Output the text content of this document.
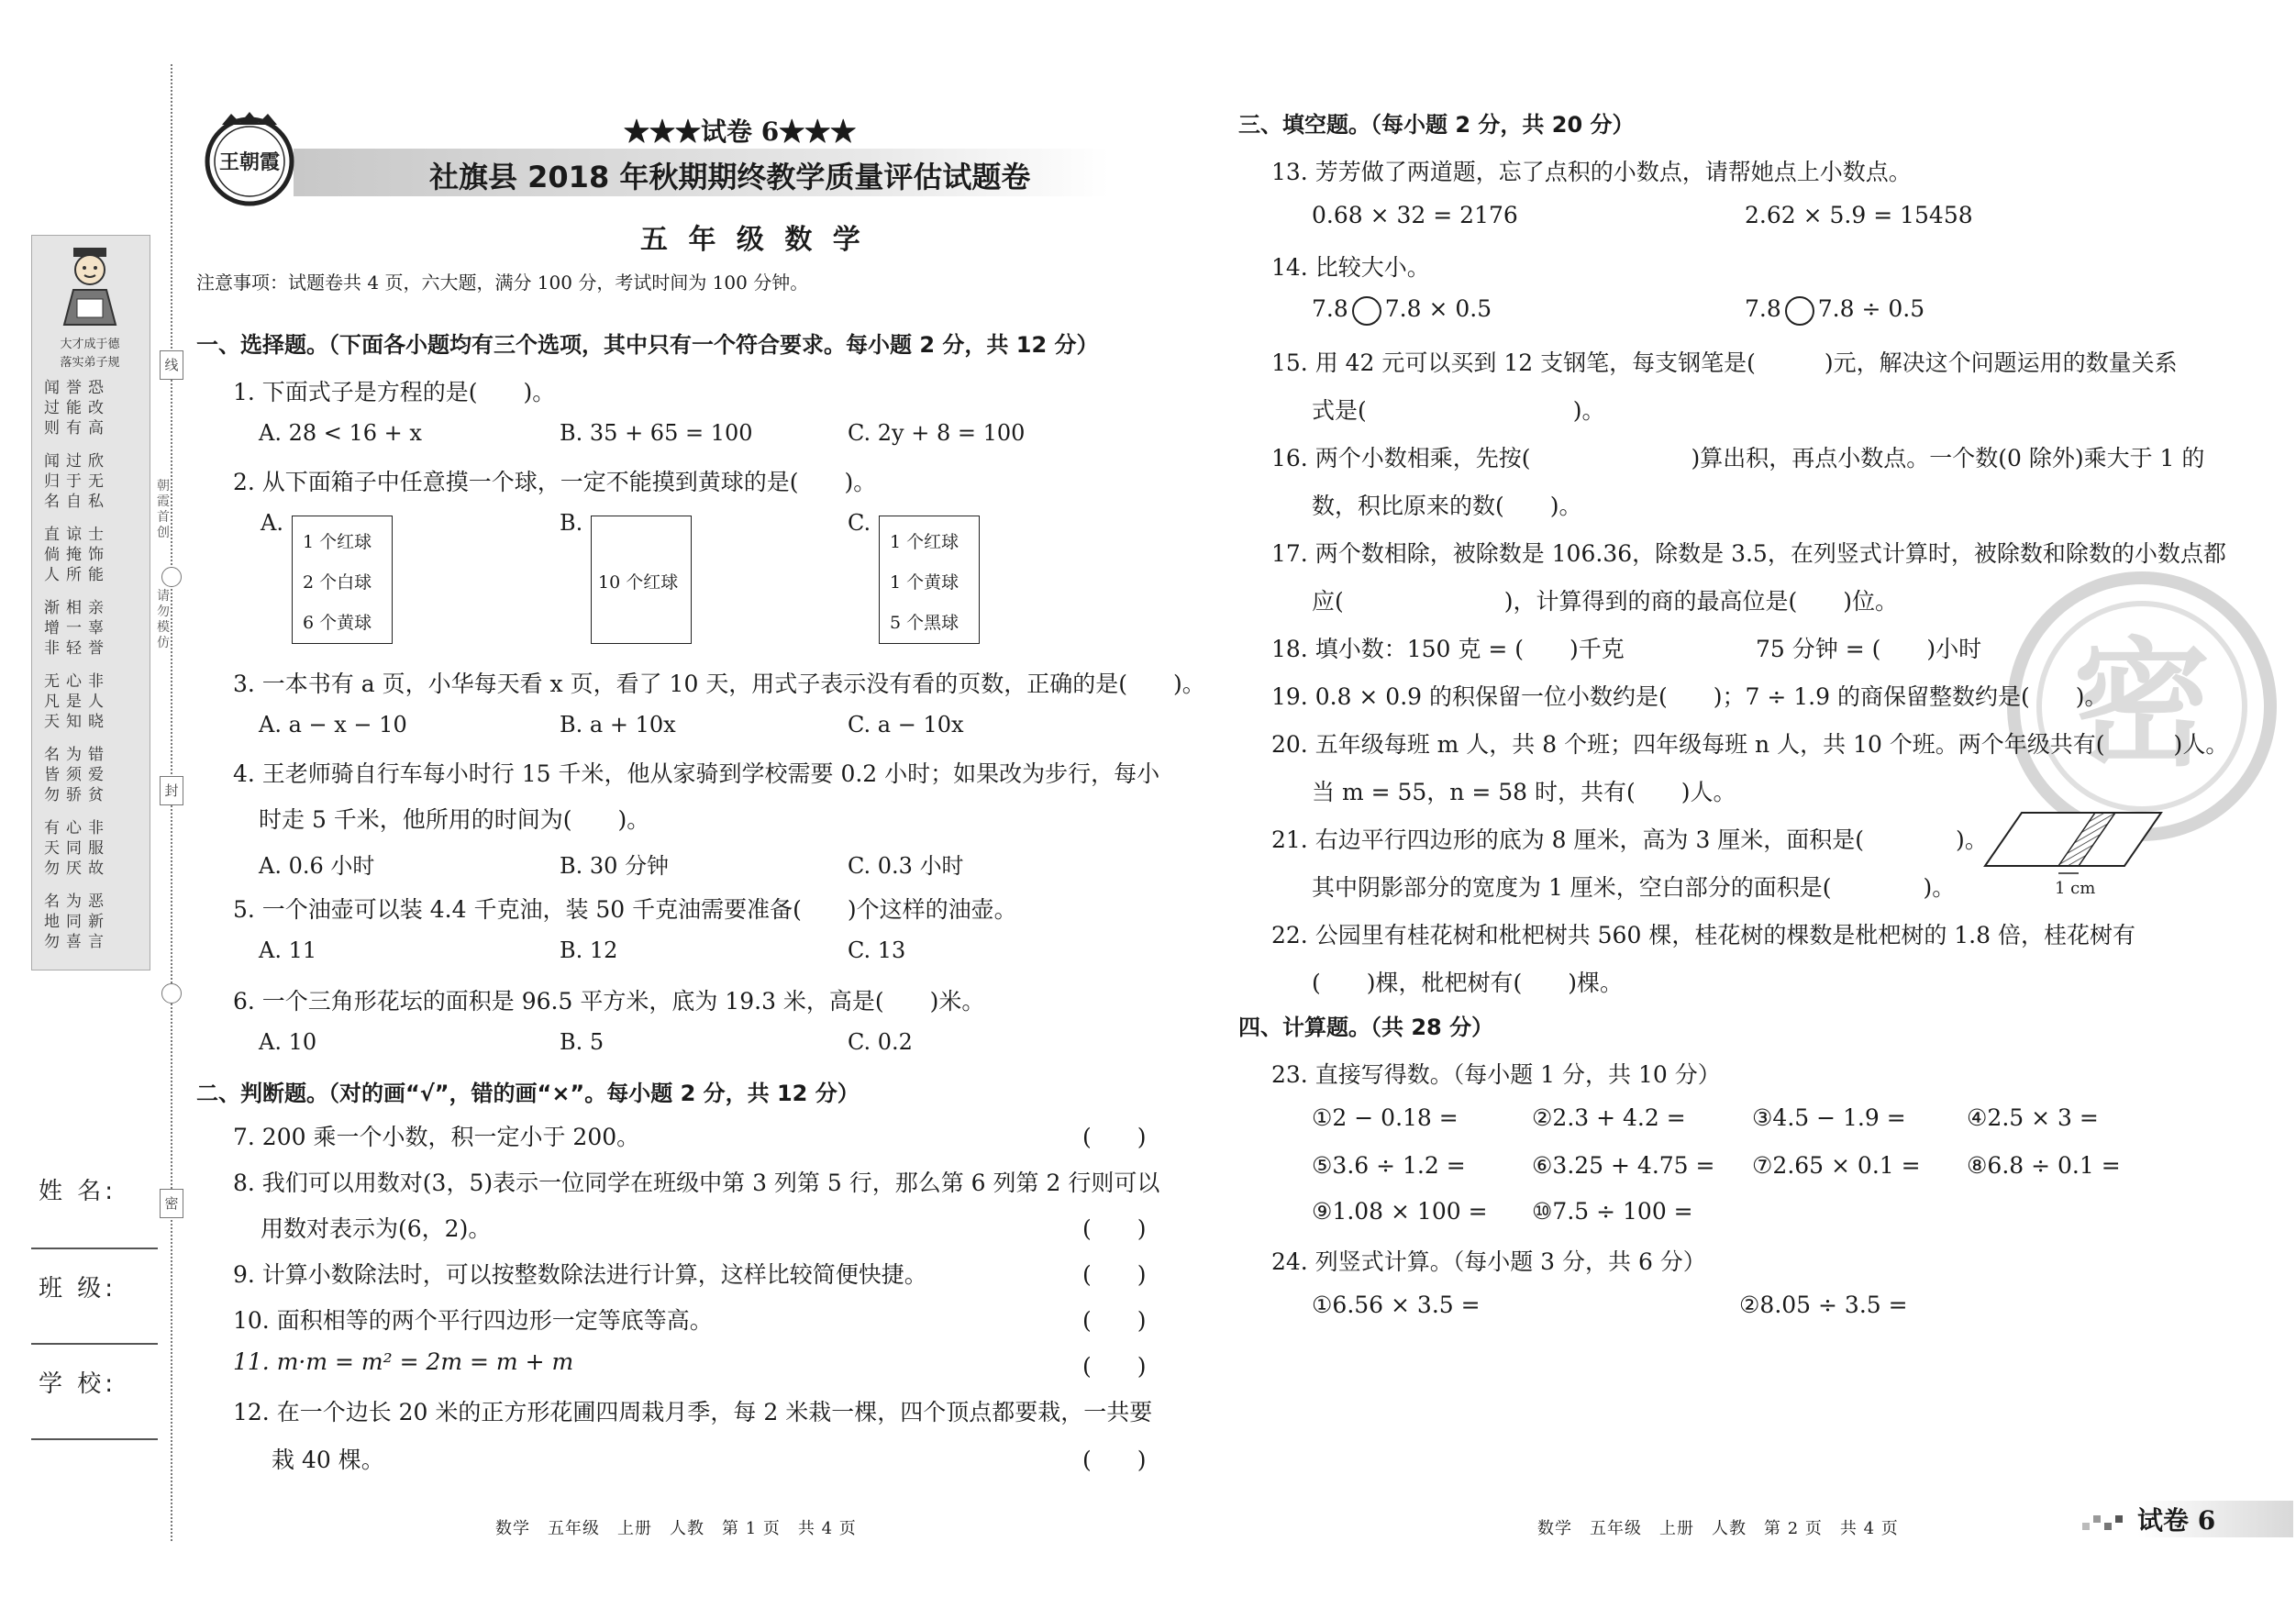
线
封
密
朝霞首创
请勿模仿
大才成于德
落实弟子规
闻誉恐
过能改
则有高
闻过欣
归于无
名自私
直谅士
倘掩饰
人所能
渐相亲
增一辜
非轻誉
无心非
凡是人
天知晓
名为错
皆须爱
勿骄贫
有心非
天同服
勿厌故
名为恶
地同新
勿喜言
姓 名:
班 级:
学 校:
王朝霞
★★★试卷 6★★★
社旗县 2018 年秋期期终教学质量评估试题卷
五 年 级 数 学
注意事项：试题卷共 4 页，六大题，满分 100 分，考试时间为 100 分钟。
一、选择题。（下面各小题均有三个选项，其中只有一个符合要求。每小题 2 分，共 12 分）
1. 下面式子是方程的是(　　)。
A. 28 < 16 + x	B. 35 + 65 = 100	C. 2y + 8 = 100
2. 从下面箱子中任意摸一个球，一定不能摸到黄球的是(　　)。
A.
1 个红球
2 个白球
6 个黄球
B.
10 个红球
C.
1 个红球
1 个黄球
5 个黑球
3. 一本书有 a 页，小华每天看 x 页，看了 10 天，用式子表示没有看的页数，正确的是(　　)。
A. a − x − 10	B. a + 10x	C. a − 10x
4. 王老师骑自行车每小时行 15 千米，他从家骑到学校需要 0.2 小时；如果改为步行，每小
时走 5 千米，他所用的时间为(　　)。
A. 0.6 小时	B. 30 分钟	C. 0.3 小时
5. 一个油壶可以装 4.4 千克油，装 50 千克油需要准备(　　)个这样的油壶。
A. 11	B. 12	C. 13
6. 一个三角形花坛的面积是 96.5 平方米，底为 19.3 米，高是(　　)米。
A. 10	B. 5	C. 0.2
二、判断题。（对的画“√”，错的画“×”。每小题 2 分，共 12 分）
7. 200 乘一个小数，积一定小于 200。	(　　)
8. 我们可以用数对(3，5)表示一位同学在班级中第 3 列第 5 行，那么第 6 列第 2 行则可以
用数对表示为(6，2)。	(　　)
9. 计算小数除法时，可以按整数除法进行计算，这样比较简便快捷。	(　　)
10. 面积相等的两个平行四边形一定等底等高。	(　　)
11. m·m = m² = 2m = m + m	(　　)
12. 在一个边长 20 米的正方形花圃四周栽月季，每 2 米栽一棵，四个顶点都要栽，一共要
栽 40 棵。	(　　)
数学　五年级　上册　人教　第 1 页　共 4 页
密
三、填空题。（每小题 2 分，共 20 分）
13. 芳芳做了两道题，忘了点积的小数点，请帮她点上小数点。
0.68 × 32 = 2176	2.62 × 5.9 = 15458
14. 比较大小。
7.8 7.8 × 0.5	7.8 7.8 ÷ 0.5
15. 用 42 元可以买到 12 支钢笔，每支钢笔是(　　　)元，解决这个问题运用的数量关系
式是(　　　　　　　　　)。
16. 两个小数相乘，先按(　　　　　　　)算出积，再点小数点。一个数(0 除外)乘大于 1 的
数，积比原来的数(　　)。
17. 两个数相除，被除数是 106.36，除数是 3.5，在列竖式计算时，被除数和除数的小数点都
应(　　　　　　　)，计算得到的商的最高位是(　　)位。
18. 填小数：150 克 = (　　)千克	75 分钟 = (　　)小时
19. 0.8 × 0.9 的积保留一位小数约是(　　)；7 ÷ 1.9 的商保留整数约是(　　)。
20. 五年级每班 m 人，共 8 个班；四年级每班 n 人，共 10 个班。两个年级共有(　　　)人。
当 m = 55，n = 58 时，共有(　　)人。
21. 右边平行四边形的底为 8 厘米，高为 3 厘米，面积是(　　　　)。
其中阴影部分的宽度为 1 厘米，空白部分的面积是(　　　　)。	1 cm
22. 公园里有桂花树和枇杷树共 560 棵，桂花树的棵数是枇杷树的 1.8 倍，桂花树有
(　　)棵，枇杷树有(　　)棵。
四、计算题。（共 28 分）
23. 直接写得数。（每小题 1 分，共 10 分）
①2 − 0.18 =	②2.3 + 4.2 =	③4.5 − 1.9 =	④2.5 × 3 =
⑤3.6 ÷ 1.2 =	⑥3.25 + 4.75 = ⑦2.65 × 0.1 = ⑧6.8 ÷ 0.1 =
⑨1.08 × 100 = ⑩7.5 ÷ 100 =
24. 列竖式计算。（每小题 3 分，共 6 分）
①6.56 × 3.5 =	②8.05 ÷ 3.5 =
数学　五年级　上册　人教　第 2 页　共 4 页	试卷 6
